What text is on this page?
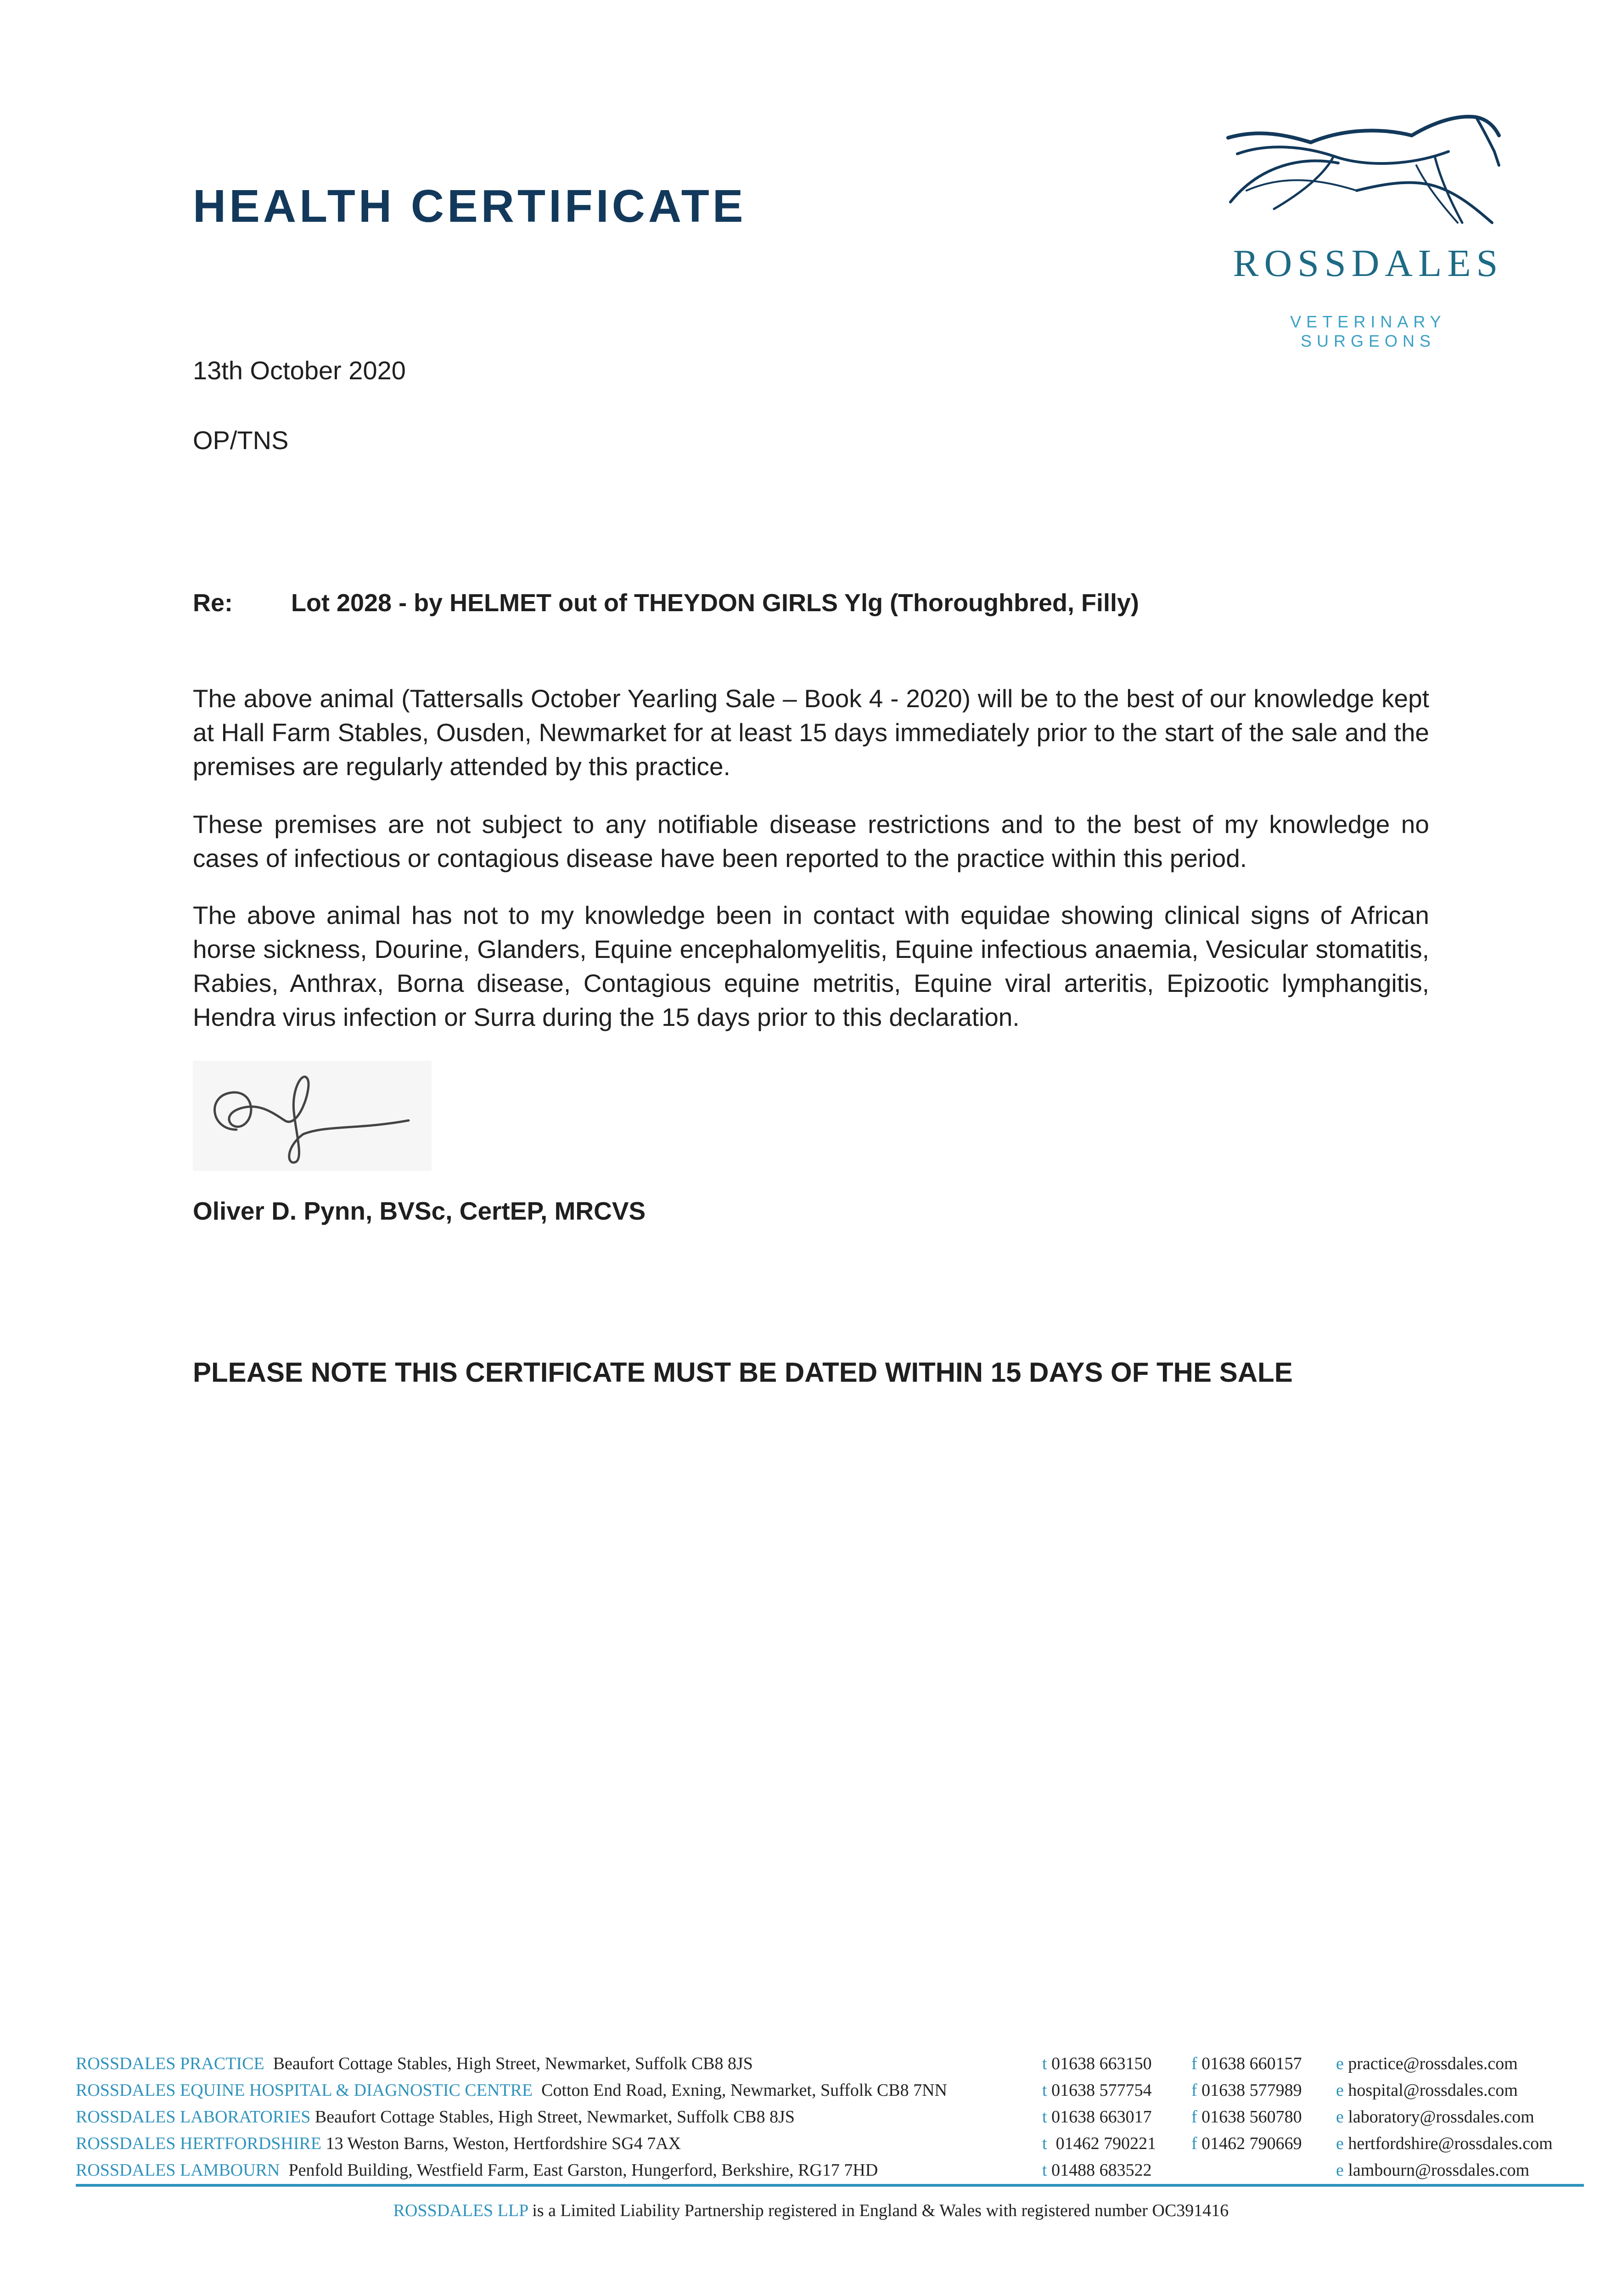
HEALTH CERTIFICATE
ROSSDALES
VETERINARY SURGEONS
13th October 2020
OP/TNS
Re: Lot 2028 - by HELMET out of THEYDON GIRLS Ylg (Thoroughbred, Filly)
The above animal (Tattersalls October Yearling Sale – Book 4 - 2020) will be to the best of our knowledge kept at Hall Farm Stables, Ousden, Newmarket for at least 15 days immediately prior to the start of the sale and the premises are regularly attended by this practice.
These premises are not subject to any notifiable disease restrictions and to the best of my knowledge no cases of infectious or contagious disease have been reported to the practice within this period.
The above animal has not to my knowledge been in contact with equidae showing clinical signs of African horse sickness, Dourine, Glanders, Equine encephalomyelitis, Equine infectious anaemia, Vesicular stomatitis, Rabies, Anthrax, Borna disease, Contagious equine metritis, Equine viral arteritis, Epizootic lymphangitis, Hendra virus infection or Surra during the 15 days prior to this declaration.
Oliver D. Pynn, BVSc, CertEP, MRCVS
PLEASE NOTE THIS CERTIFICATE MUST BE DATED WITHIN 15 DAYS OF THE SALE
ROSSDALES PRACTICE Beaufort Cottage Stables, High Street, Newmarket, Suffolk CB8 8JS	t 01638 663150 f 01638 660157 e practice@rossdales.com
ROSSDALES EQUINE HOSPITAL & DIAGNOSTIC CENTRE Cotton End Road, Exning, Newmarket, Suffolk CB8 7NN	t 01638 577754 f 01638 577989 e hospital@rossdales.com
ROSSDALES LABORATORIES Beaufort Cottage Stables, High Street, Newmarket, Suffolk CB8 8JS	t 01638 663017 f 01638 560780 e laboratory@rossdales.com
ROSSDALES HERTFORDSHIRE 13 Weston Barns, Weston, Hertfordshire SG4 7AX	t 01462 790221 f 01462 790669 e hertfordshire@rossdales.com
ROSSDALES LAMBOURN Penfold Building, Westfield Farm, East Garston, Hungerford, Berkshire, RG17 7HD	t 01488 683522	e lambourn@rossdales.com
ROSSDALES LLP is a Limited Liability Partnership registered in England & Wales with registered number OC391416
